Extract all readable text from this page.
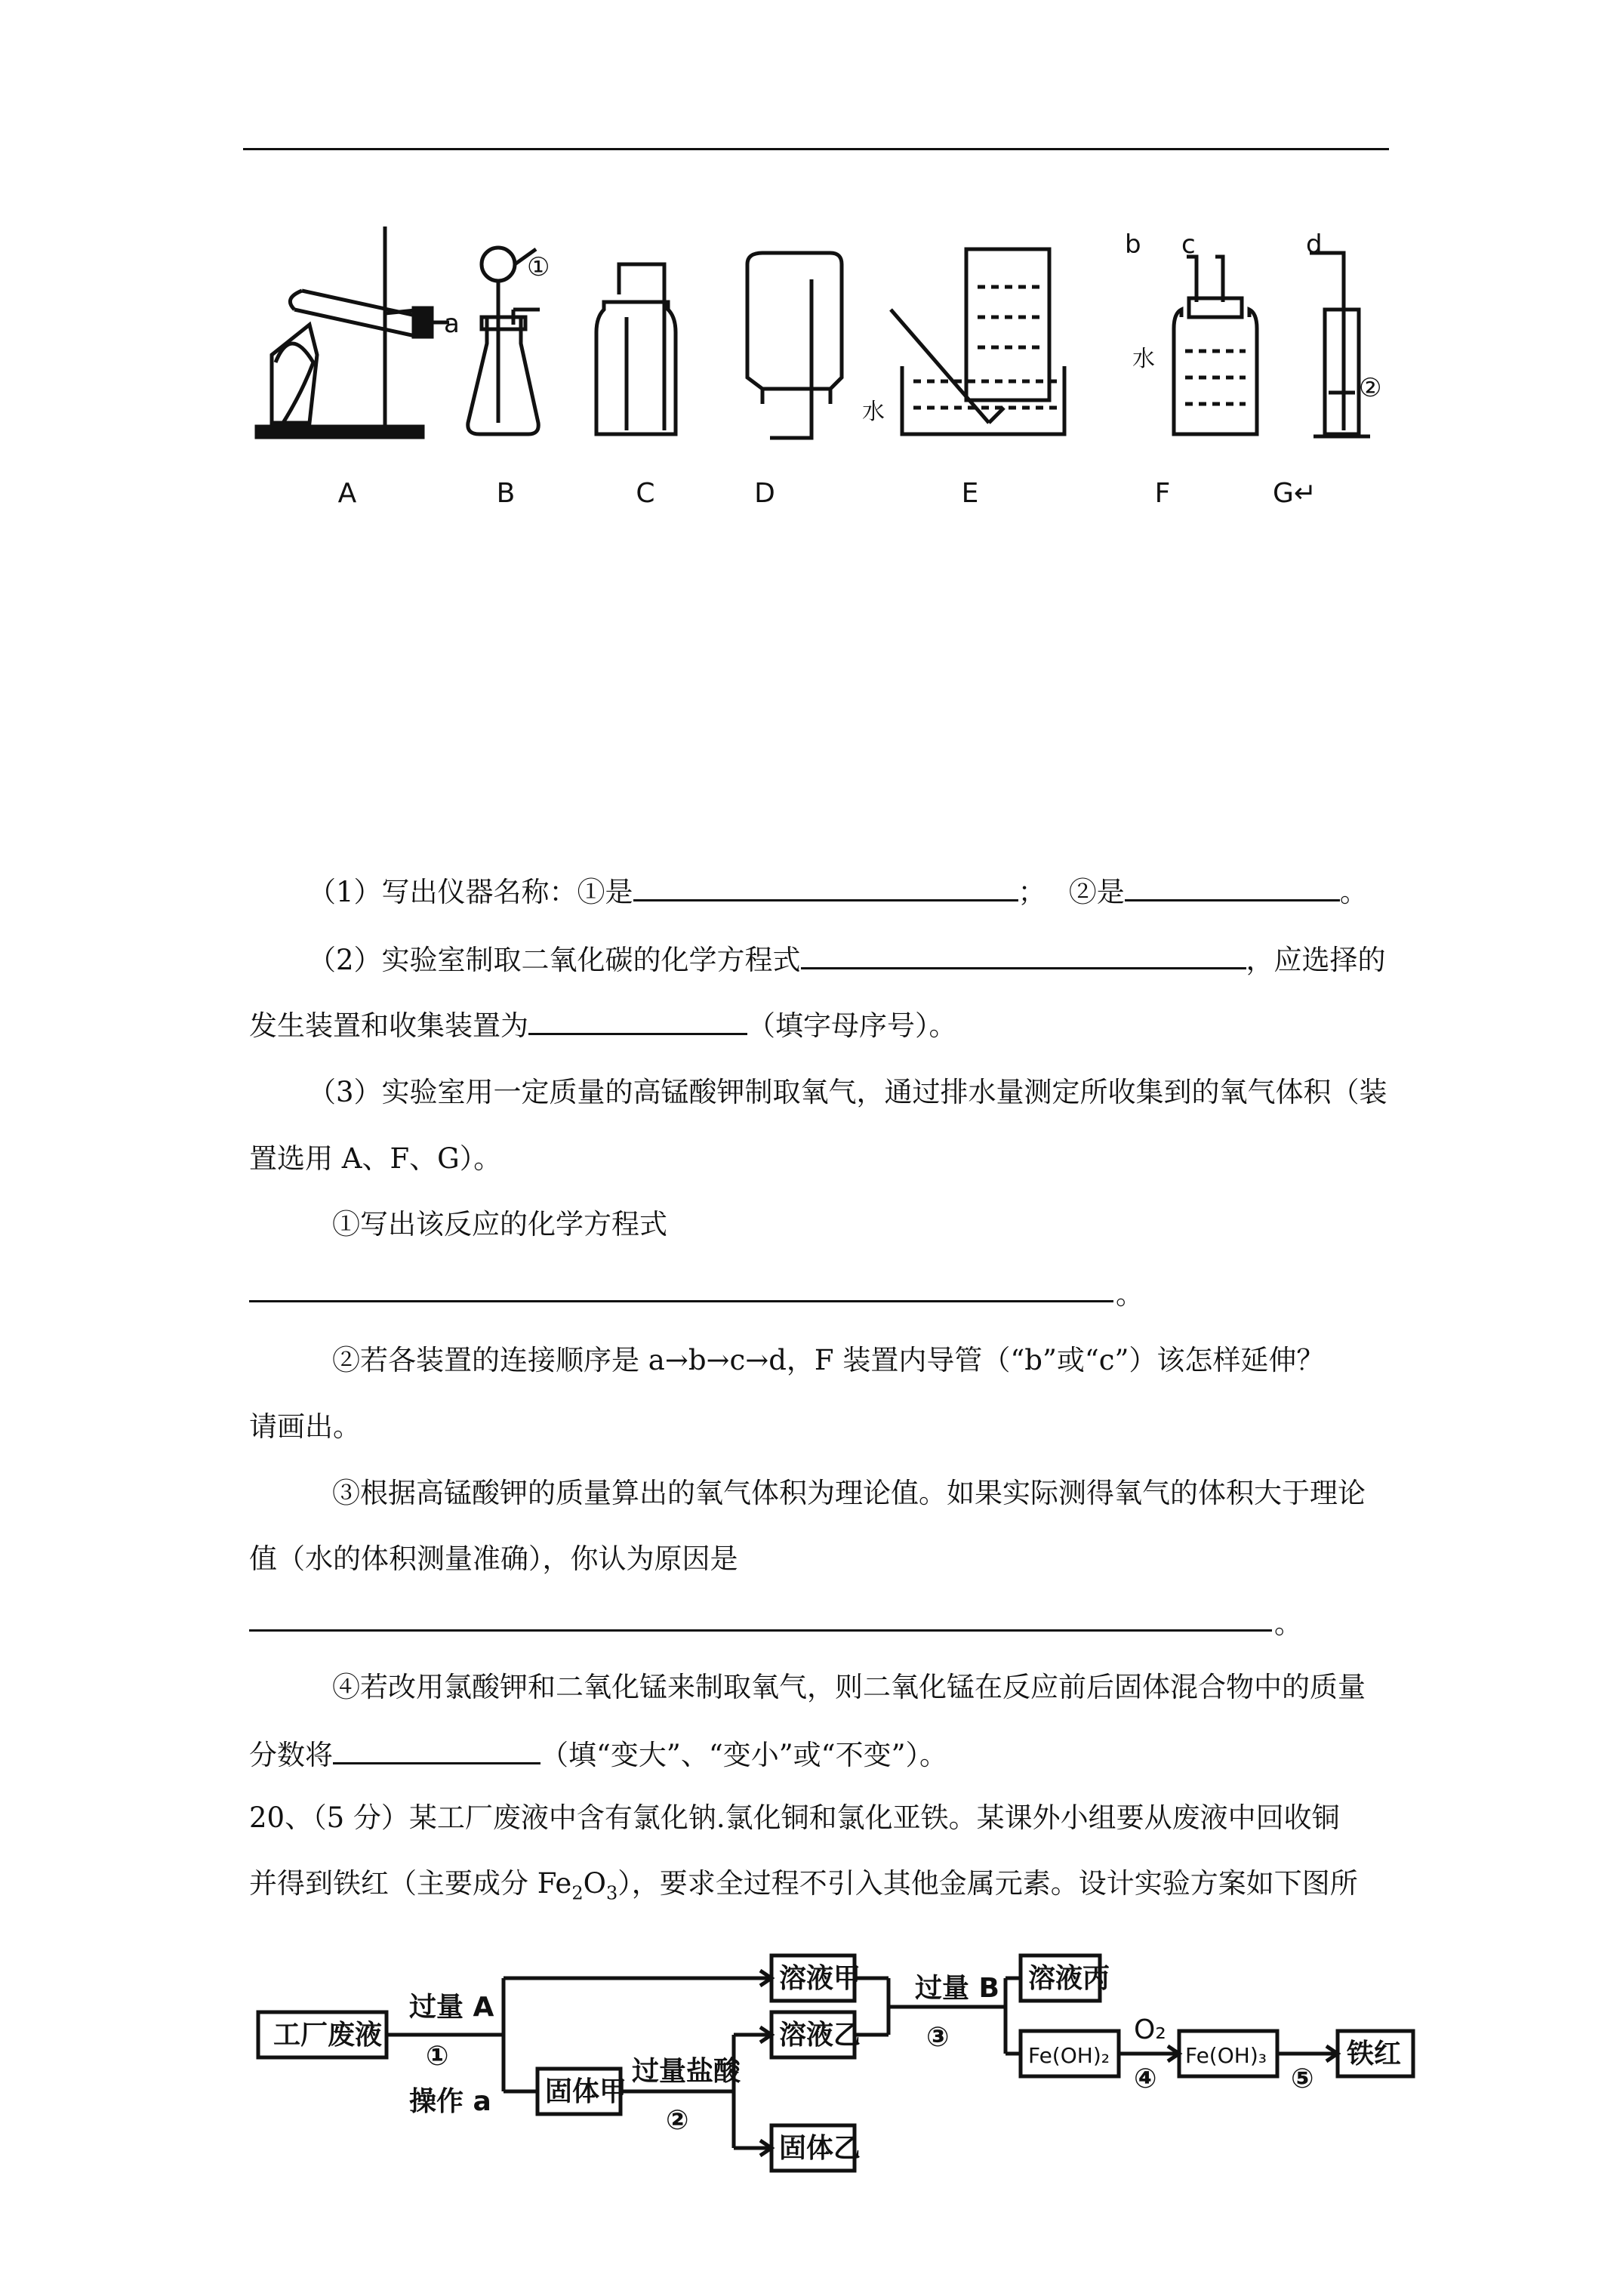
a
①
b c	d
②
水
水
A	B	C	D	E	F	G↵
（1）写出仪器名称：①是	；　 ②是	。
（2）实验室制取二氧化碳的化学方程式	，应选择的
发生装置和收集装置为	（填字母序号）。
（3）实验室用一定质量的高锰酸钾制取氧气，通过排水量测定所收集到的氧气体积（装
置选用 A、F、G）。
①写出该反应的化学方程式
。
②若各装置的连接顺序是 a→b→c→d，F 装置内导管（“b”或“c”）该怎样延伸？
请画出。
③根据高锰酸钾的质量算出的氧气体积为理论值。如果实际测得氧气的体积大于理论
值（水的体积测量准确），你认为原因是
。
④若改用氯酸钾和二氧化锰来制取氧气，则二氧化锰在反应前后固体混合物中的质量
分数将	（填“变大”、“变小”或“不变”）。
20、（5 分）某工厂废液中含有氯化钠.氯化铜和氯化亚铁。某课外小组要从废液中回收铜
并得到铁红（主要成分 $Fe_2O_3$），要求全过程不引入其他金属元素。设计实验方案如下图所
工厂废液
过量 A
①
操作 a
溶液甲
固体甲
过量盐酸
②
溶液乙
固体乙
过量 B
③
溶液丙
Fe(OH)₂
O₂
④
Fe(OH)₃
⑤
铁红
